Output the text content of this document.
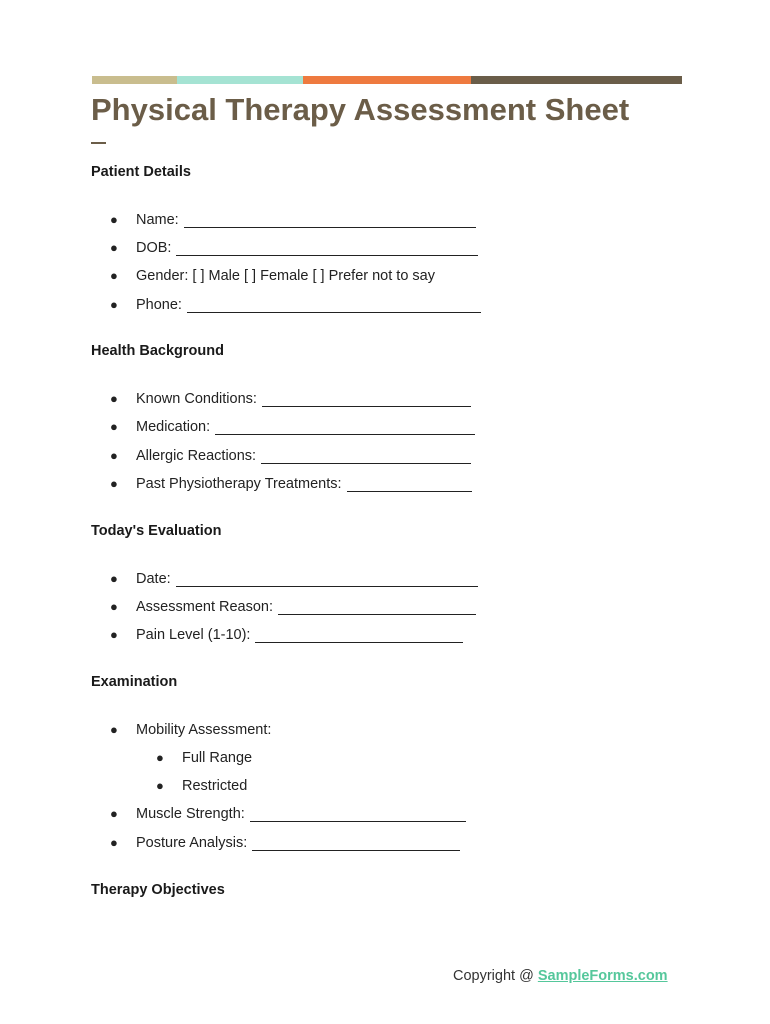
Physical Therapy Assessment Sheet
Patient Details
●	Name:
●	DOB:
●	Gender: [ ] Male [ ] Female [ ] Prefer not to say
●	Phone:
Health Background
●	Known Conditions:
●	Medication:
●	Allergic Reactions:
●	Past Physiotherapy Treatments:
Today's Evaluation
●	Date:
●	Assessment Reason:
●	Pain Level (1-10):
Examination
●	Mobility Assessment:
●	Full Range
●	Restricted
●	Muscle Strength:
●	Posture Analysis:
Therapy Objectives
Copyright @ SampleForms.com
